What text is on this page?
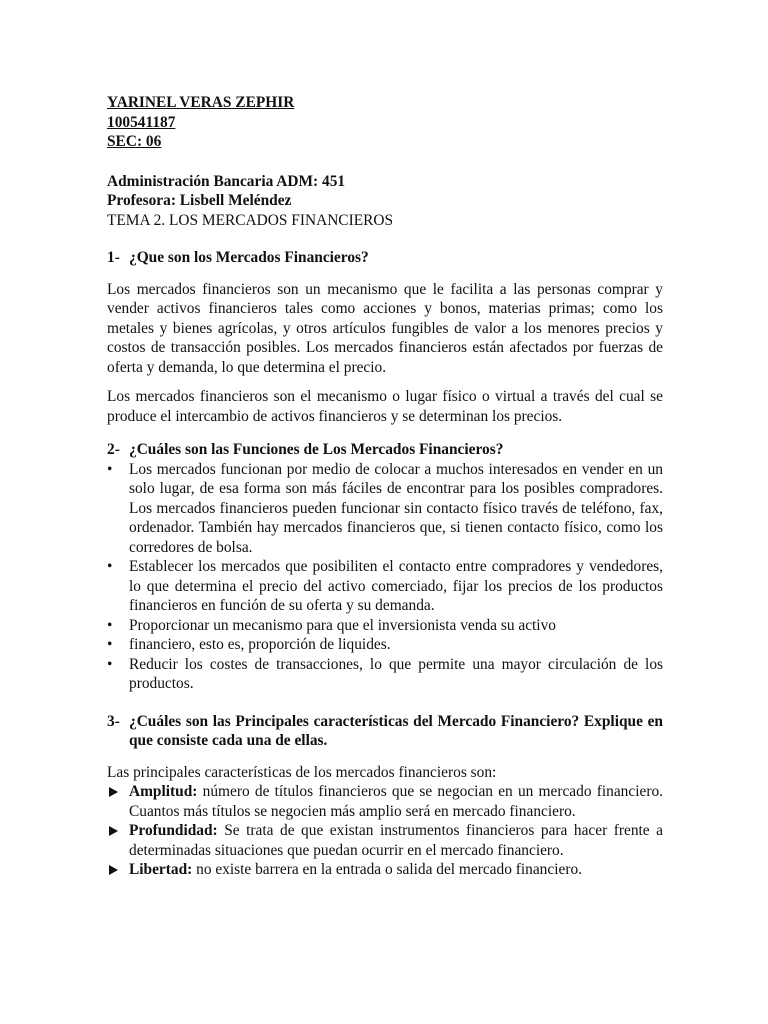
YARINEL VERAS ZEPHIR
100541187
SEC: 06
Administración Bancaria ADM: 451
Profesora: Lisbell Meléndez
TEMA 2. LOS MERCADOS FINANCIEROS
1- ¿Que son los Mercados Financieros?

Los mercados financieros son un mecanismo que le facilita a las personas comprar y vender activos financieros tales como acciones y bonos, materias primas; como los metales y bienes agrícolas, y otros artículos fungibles de valor a los menores precios y costos de transacción posibles. Los mercados financieros están afectados por fuerzas de oferta y demanda, lo que determina el precio.

Los mercados financieros son el mecanismo o lugar físico o virtual a través del cual se produce el intercambio de activos financieros y se determinan los precios.

2- ¿Cuáles son las Funciones de Los Mercados Financieros?
•	Los mercados funcionan por medio de colocar a muchos interesados en vender en un solo lugar, de esa forma son más fáciles de encontrar para los posibles compradores. Los mercados financieros pueden funcionar sin contacto físico través de teléfono, fax, ordenador. También hay mercados financieros que, si tienen contacto físico, como los corredores de bolsa.
•	Establecer los mercados que posibiliten el contacto entre compradores y vendedores, lo que determina el precio del activo comerciado, fijar los precios de los productos financieros en función de su oferta y su demanda.
•	Proporcionar un mecanismo para que el inversionista venda su activo
•	financiero, esto es, proporción de liquides.
•	Reducir los costes de transacciones, lo que permite una mayor circulación de los productos.
3- ¿Cuáles son las Principales características del Mercado Financiero? Explique en que consiste cada una de ellas.

Las principales características de los mercados financieros son:

Amplitud: número de títulos financieros que se negocian en un mercado financiero. Cuantos más títulos se negocien más amplio será en mercado financiero.
Profundidad: Se trata de que existan instrumentos financieros para hacer frente a determinadas situaciones que puedan ocurrir en el mercado financiero.
Libertad: no existe barrera en la entrada o salida del mercado financiero.
